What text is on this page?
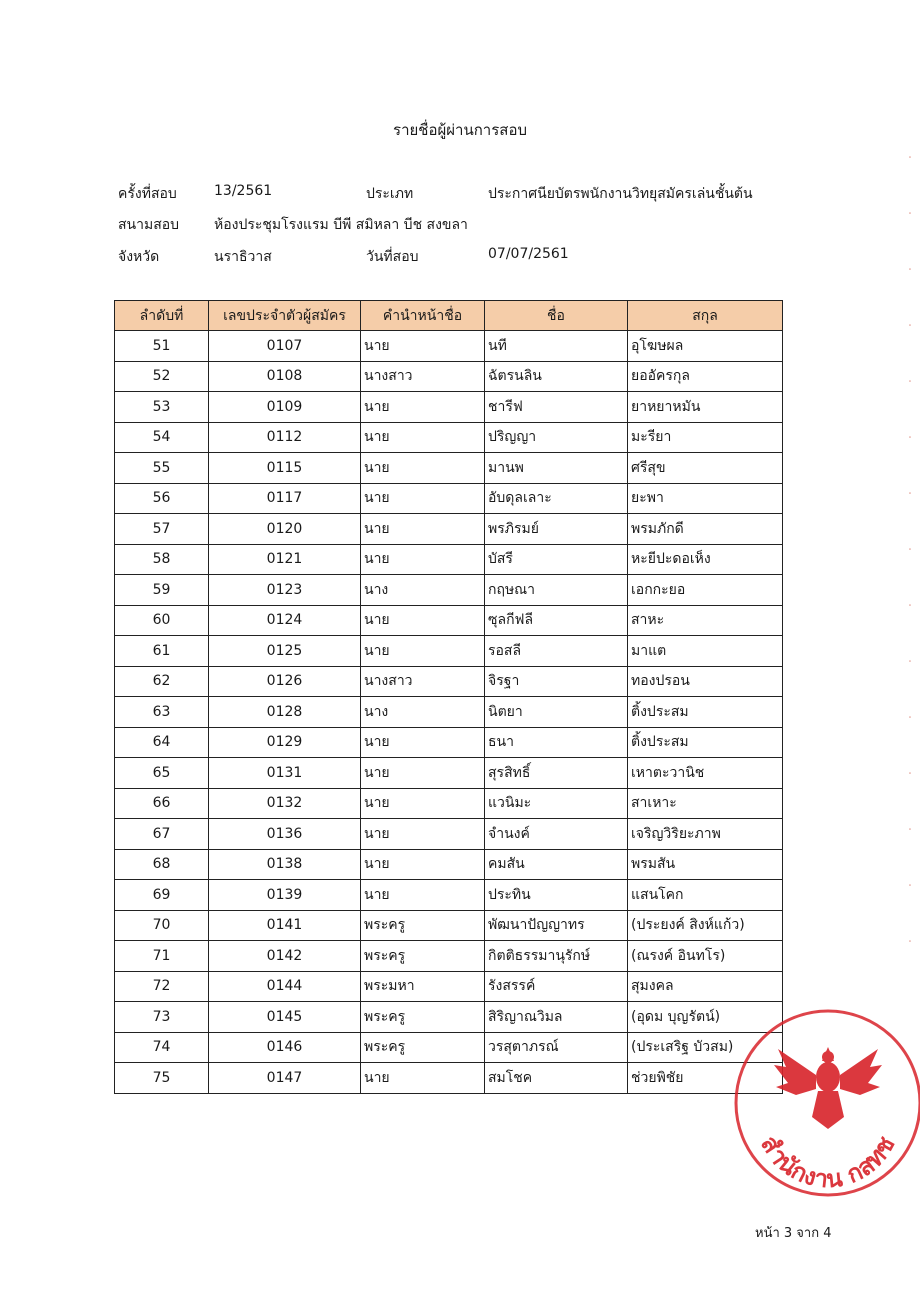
รายชื่อผู้ผ่านการสอบ
ครั้งที่สอบ	13/2561	ประเภท	ประกาศนียบัตรพนักงานวิทยุสมัครเล่นชั้นต้น
สนามสอบ ห้องประชุมโรงแรม บีพี สมิหลา บีช สงขลา
จังหวัด	นราธิวาส	วันที่สอบ	07/07/2561
ลำดับที่	เลขประจำตัวผู้สมัคร	คำนำหน้าชื่อ	ชื่อ	สกุล
51	0107	นาย	นที	อุโฆษผล
52	0108	นางสาว	ฉัตรนลิน	ยออัครกุล
53	0109	นาย	ชารีฟ	ยาหยาหมัน
54	0112	นาย	ปริญญา	มะรียา
55	0115	นาย	มานพ	ศรีสุข
56	0117	นาย	อับดุลเลาะ	ยะพา
57	0120	นาย	พรภิรมย์	พรมภักดี
58	0121	นาย	บัสรี	หะยีปะดอเห็ง
59	0123	นาง	กฤษณา	เอกกะยอ
60	0124	นาย	ซุลกีฟลี	สาหะ
61	0125	นาย	รอสลี	มาแต
62	0126	นางสาว	จิรฐา	ทองปรอน
63	0128	นาง	นิตยา	ติ้งประสม
64	0129	นาย	ธนา	ติ้งประสม
65	0131	นาย	สุรสิทธิ์	เหาตะวานิช
66	0132	นาย	แวนิมะ	สาเหาะ
67	0136	นาย	จำนงค์	เจริญวิริยะภาพ
68	0138	นาย	คมสัน	พรมสัน
69	0139	นาย	ประทิน	แสนโคก
70	0141	พระครู	พัฒนาปัญญาทร	(ประยงค์ สิงห์แก้ว)
71	0142	พระครู	กิตติธรรมานุรักษ์	(ณรงค์ อินทโร)
72	0144	พระมหา	รังสรรค์	สุมงคล
73	0145	พระครู	สิริญาณวิมล	(อุดม บุญรัตน์)
74	0146	พระครู	วรสุตาภรณ์	(ประเสริฐ บัวสม)
75	0147	นาย	สมโชค	ช่วยพิชัย
สำนักงาน กสทช
·
·
·
·
·
·
·
·
·
·
·
·
·
·
·
หน้า 3 จาก 4
